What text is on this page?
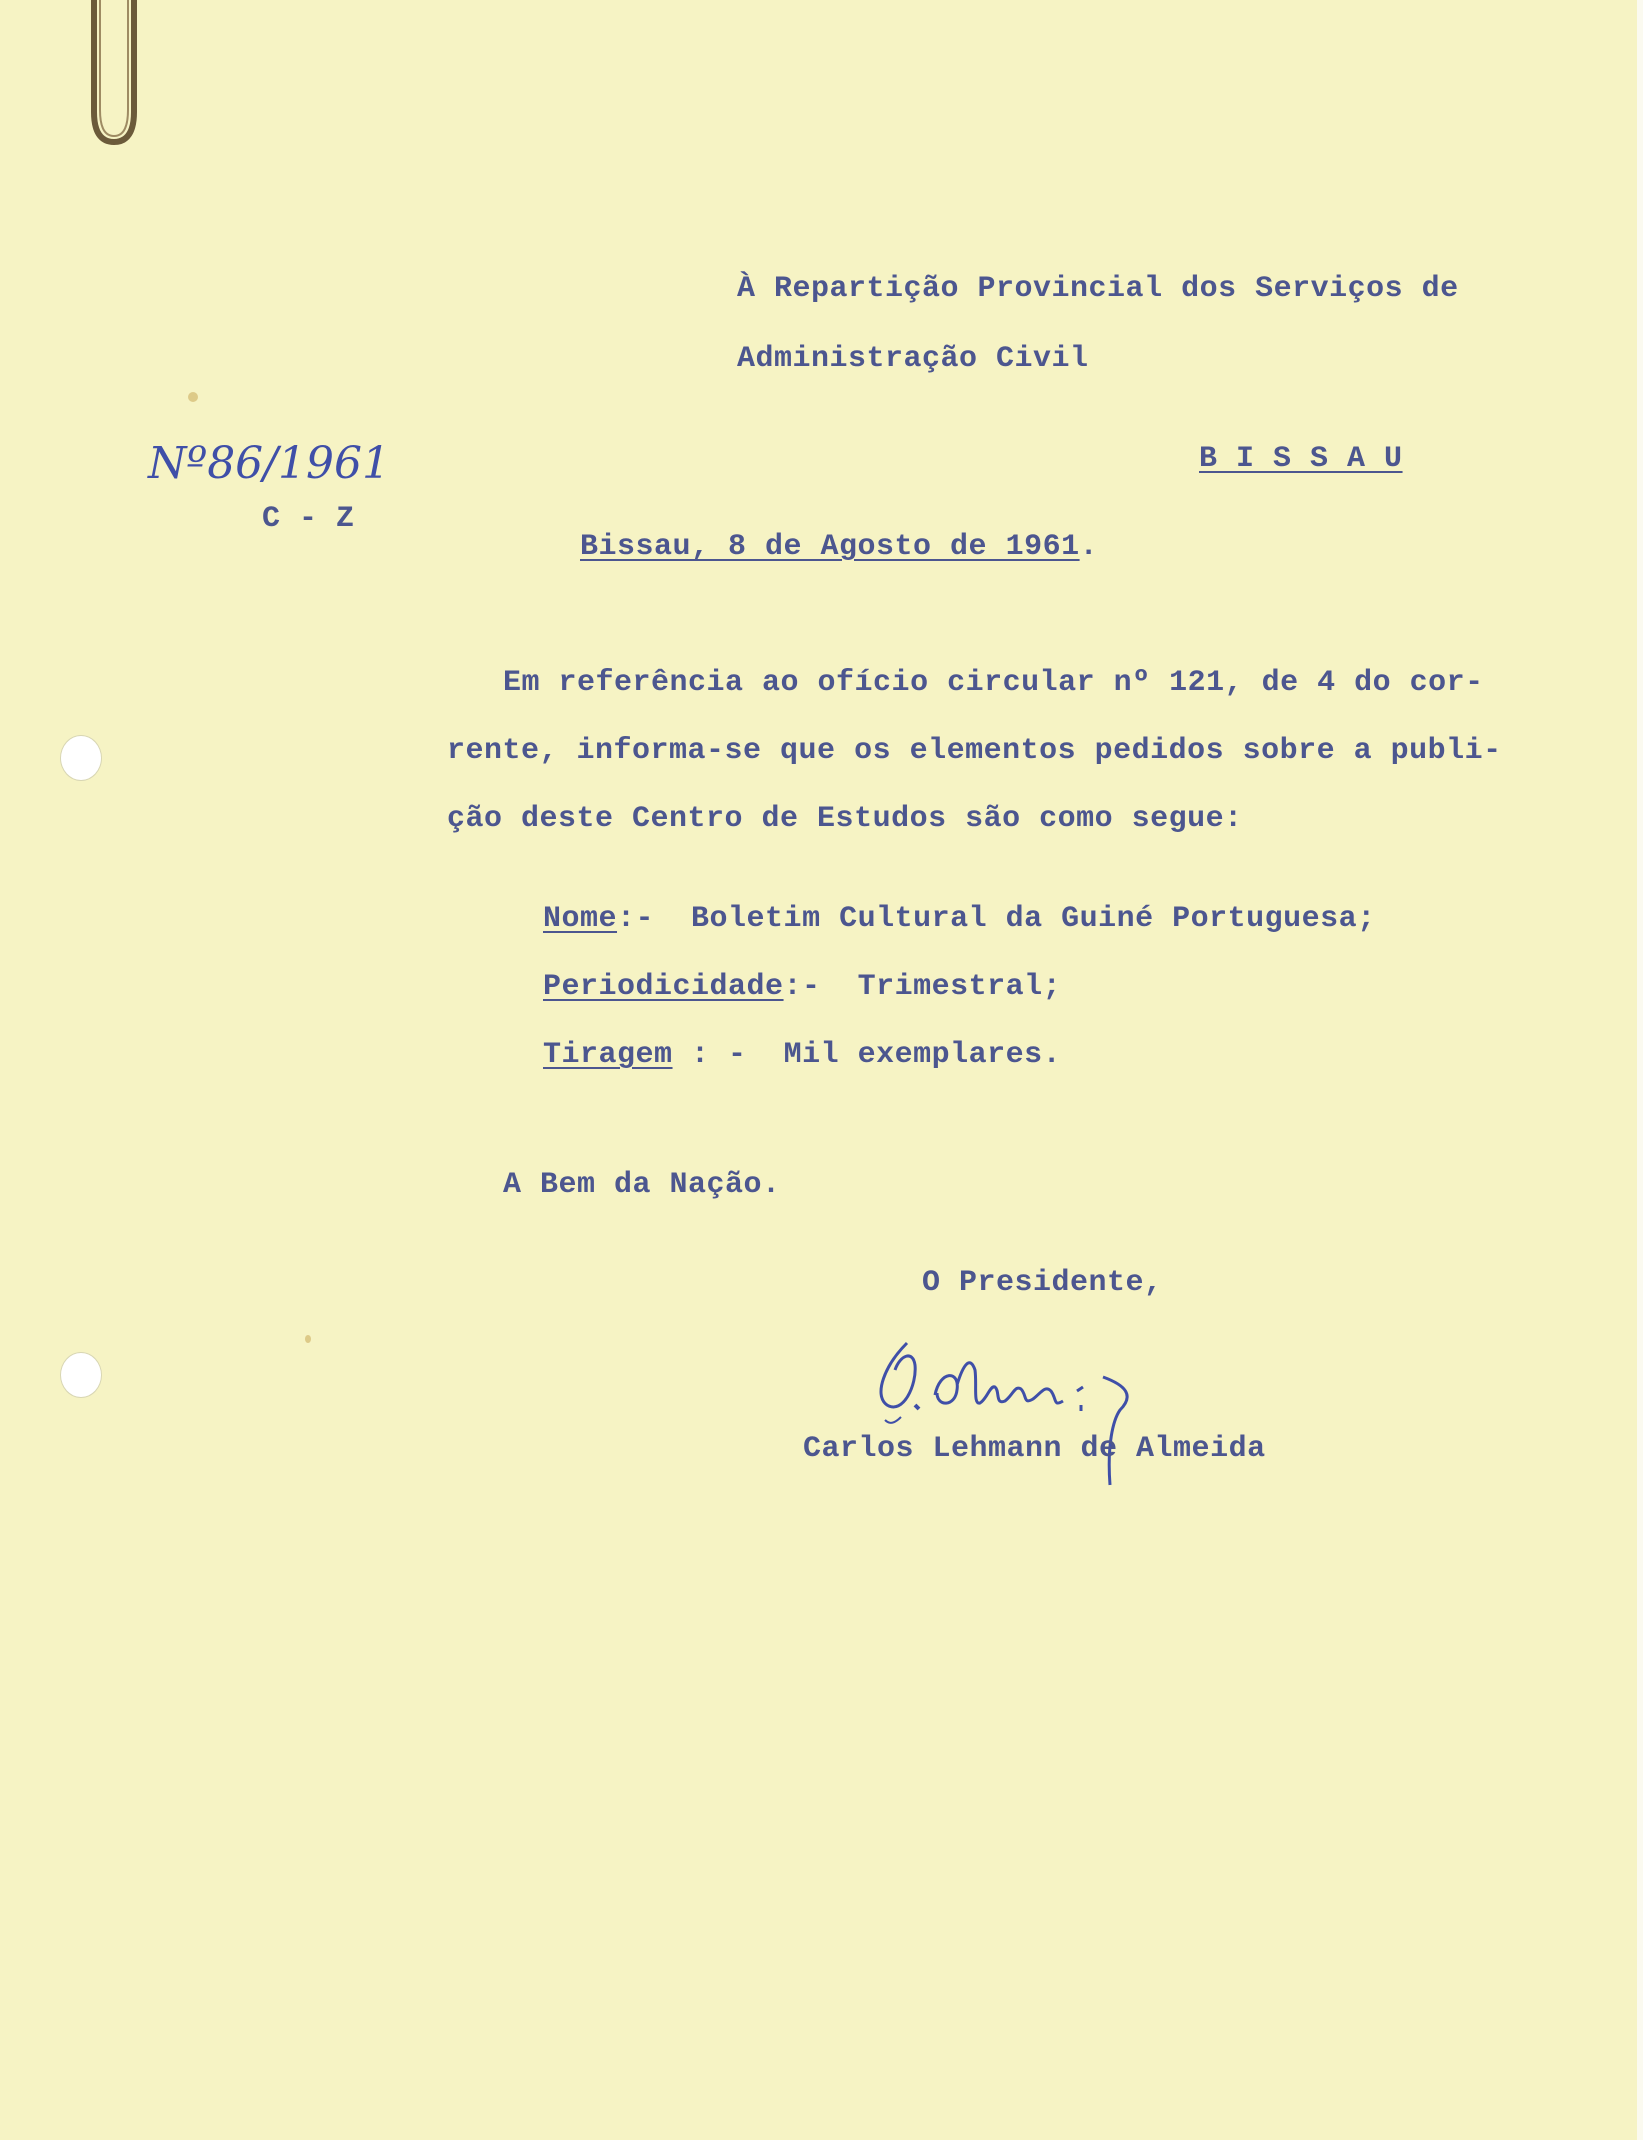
À Repartição Provincial dos Serviços de
Administração Civil
B I S S A U
Nº86/1961
C - Z
Bissau, 8 de Agosto de 1961.
Em referência ao ofício circular nº 121, de 4 do cor-
rente, informa-se que os elementos pedidos sobre a publi-
ção deste Centro de Estudos são como segue:
Nome:- Boletim Cultural da Guiné Portuguesa;
Periodicidade:- Trimestral;
Tiragem : - Mil exemplares.
A Bem da Nação.
O Presidente,
Carlos Lehmann de Almeida
